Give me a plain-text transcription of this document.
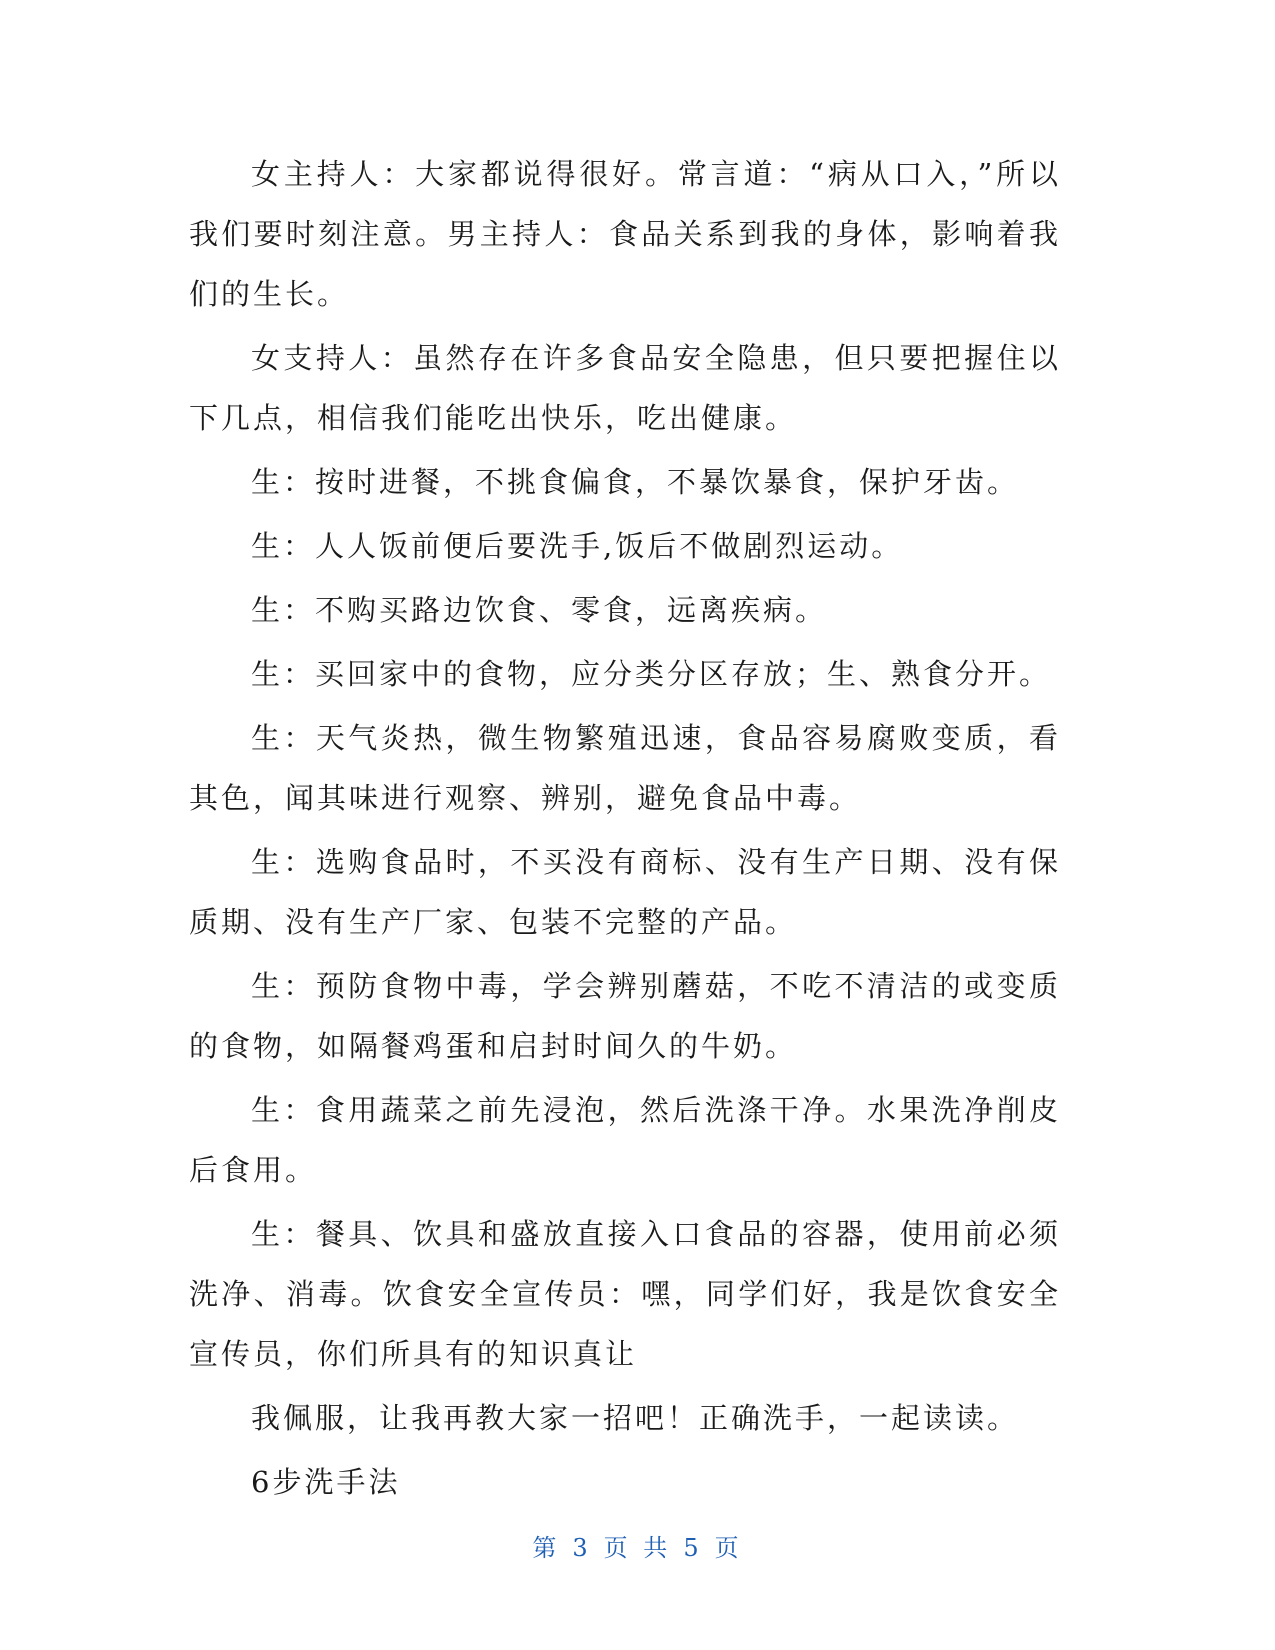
女主持人：大家都说得很好。常言道：“病从口入，”所以我们要时刻注意。男主持人：食品关系到我的身体，影响着我们的生长。

女支持人：虽然存在许多食品安全隐患，但只要把握住以下几点，相信我们能吃出快乐，吃出健康。

生：按时进餐，不挑食偏食，不暴饮暴食，保护牙齿。

生：人人饭前便后要洗手,饭后不做剧烈运动。

生：不购买路边饮食、零食，远离疾病。

生：买回家中的食物，应分类分区存放；生、熟食分开。

生：天气炎热，微生物繁殖迅速，食品容易腐败变质，看其色，闻其味进行观察、辨别，避免食品中毒。

生：选购食品时，不买没有商标、没有生产日期、没有保质期、没有生产厂家、包装不完整的产品。

生：预防食物中毒，学会辨别蘑菇，不吃不清洁的或变质的食物，如隔餐鸡蛋和启封时间久的牛奶。

生：食用蔬菜之前先浸泡，然后洗涤干净。水果洗净削皮后食用。

生：餐具、饮具和盛放直接入口食品的容器，使用前必须洗净、消毒。饮食安全宣传员：嘿，同学们好，我是饮食安全宣传员，你们所具有的知识真让

我佩服，让我再教大家一招吧！正确洗手，一起读读。

6步洗手法

第 3 页 共 5 页
